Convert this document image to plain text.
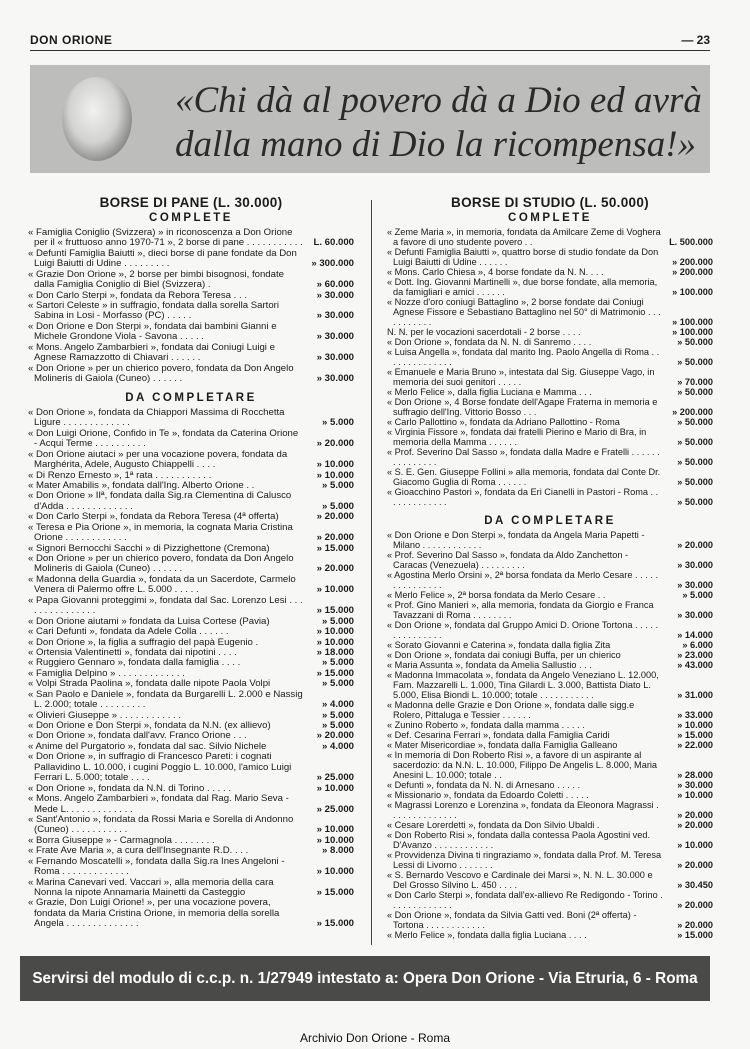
DON ORIONE	— 23
«Chi dà al povero dà a Dio ed avrà
dalla mano di Dio la ricompensa!»
BORSE DI PANE (L. 30.000)
COMPLETE
« Famiglia Coniglio (Svizzera) » in riconoscenza a Don Orione per il « fruttuoso anno 1970-71 », 2 borse di pane . . . . . . . . . . .	L. 60.000
« Defunti Famiglia Baiutti », dieci borse di pane fondate da Don Luigi Baiutti di Udine . . . . . . . . .	» 300.000
« Grazie Don Orione », 2 borse per bimbi bisognosi, fondate dalla Famiglia Coniglio di Biel (Svizzera) .	» 60.000
« Don Carlo Sterpi », fondata da Rebora Teresa . . .	» 30.000
« Sartori Celeste » in suffragio, fondata dalla sorella Sartori Sabina in Losi - Morfasso (PC) . . . . .	» 30.000
« Don Orione e Don Sterpi », fondata dai bambini Gianni e Michele Grondone Viola - Savona . . . . .	» 30.000
« Mons. Angelo Zambarbieri », fondata dai Coniugi Luigi e Agnese Ramazzotto di Chiavari . . . . . .	» 30.000
« Don Orione » per un chierico povero, fondata da Don Angelo Molineris di Gaiola (Cuneo) . . . . . .	» 30.000
DA COMPLETARE
« Don Orione », fondata da Chiappori Massima di Rocchetta Ligure . . . . . . . . . . . . .	» 5.000
« Don Luigi Orione, Confido in Te », fondata da Caterina Orione - Acqui Terme . . . . . . . . . .	» 20.000
« Don Orione aiutaci » per una vocazione povera, fondata da Marghérita, Adele, Augusto Chiappelli . . . .	» 10.000
« Di Renzo Ernesto », 1ª rata . . . . . . . . . . .	» 10.000
« Mater Amabilis », fondata dall'Ing. Alberto Orione . .	» 5.000
« Don Orione » IIª, fondata dalla Sig.ra Clementina di Calusco d'Adda . . . . . . . . . . . . .	» 5.000
« Don Carlo Sterpi », fondata da Rebora Teresa (4ª offerta)	» 20.000
« Teresa e Pia Orione », in memoria, la cognata Maria Cristina Orione . . . . . . . . . . . .	» 20.000
« Signori Bernocchi Sacchi » di Pizzighettone (Cremona)	» 15.000
« Don Orione » per un chierico povero, fondata da Don Angelo Molineris di Gaiola (Cuneo) . . . . . .	» 20.000
« Madonna della Guardia », fondata da un Sacerdote, Carmelo Venera di Palermo offre L. 5.000 . . . . .	» 10.000
« Papa Giovanni proteggimi », fondata dal Sac. Lorenzo Lesi . . . . . . . . . . . . . . .	» 15.000
« Don Orione aiutami » fondata da Luisa Cortese (Pavia)	» 5.000
« Cari Defunti », fondata da Adele Colla . . . . . .	» 10.000
« Don Orione », la figlia a suffragio del papà Eugenio .	» 10.000
« Ortensia Valentinetti », fondata dai nipotini . . . .	» 18.000
« Ruggiero Gennaro », fondata dalla famiglia . . . .	» 5.000
« Famiglia Delpino » . . . . . . . . . . . . .	» 15.000
« Volpi Strada Paolina », fondata dalle nipote Paola Volpi	» 5.000
« San Paolo e Daniele », fondata da Burgarelli L. 2.000 e Nassig L. 2.000; totale . . . . . . . . .	» 4.000
« Olivieri Giuseppe » . . . . . . . . . . . .	» 5.000
« Don Orione e Don Sterpi », fondata da N.N. (ex allievo)	» 5.000
« Don Orione », fondata dall'avv. Franco Orione . . .	» 20.000
« Anime del Purgatorio », fondata dal sac. Silvio Nichele	» 4.000
« Don Orione », in suffragio di Francesco Pareti: i cognati Pallavidino L. 10.000, i cugini Poggio L. 10.000, l'amico Luigi Ferrari L. 5.000; totale . . . .	» 25.000
« Don Orione », fondata da N.N. di Torino . . . . .	» 10.000
« Mons. Angelo Zambarbieri », fondata dal Rag. Mario Seva - Mede L. . . . . . . . . . . . .	» 25.000
« Sant'Antonio », fondata da Rossi Maria e Sorella di Andonno (Cuneo) . . . . . . . . . . .	» 10.000
« Borra Giuseppe » - Carmagnola . . . . . . . .	» 10.000
« Frate Ave Maria », a cura dell'Insegnante R.D. . . .	» 8.000
« Fernando Moscatelli », fondata dalla Sig.ra Ines Angeloni - Roma . . . . . . . . . . . . .	» 10.000
« Marina Canevari ved. Vaccari », alla memoria della cara Nonna la nipote Annamaria Mainetti da Casteggio	» 15.000
« Grazie, Don Luigi Orione! », per una vocazione povera, fondata da Maria Cristina Orione, in memoria della sorella Angela . . . . . . . . . . . . . .	» 15.000
BORSE DI STUDIO (L. 50.000)
COMPLETE
« Zeme Maria », in memoria, fondata da Amilcare Zeme di Voghera a favore di uno studente povero . .	L. 500.000
« Defunti Famiglia Baiutti », quattro borse di studio fondate da Don Luigi Baiutti di Udine . . . . . .	» 200.000
« Mons. Carlo Chiesa », 4 borse fondate da N. N. . . .	» 200.000
« Dott. Ing. Giovanni Martinelli », due borse fondate, alla memoria, da famigliari e amici . . . . . .	» 100.000
« Nozze d'oro coniugi Battaglino », 2 borse fondate dai Coniugi Agnese Fissore e Sebastiano Battaglino nel 50° di Matrimonio . . . . . . . . . . .	» 100.000
N. N. per le vocazioni sacerdotali - 2 borse . . . .	» 100.000
« Don Orione », fondata da N. N. di Sanremo . . . .	» 50.000
« Luisa Angella », fondata dal marito Ing. Paolo Angella di Roma . . . . . . . . . . . . . .	» 50.000
« Emanuele e Maria Bruno », intestata dal Sig. Giuseppe Vago, in memoria dei suoi genitori . . . . .	» 70.000
« Merlo Felice », dalla figlia Luciana e Mamma . . .	» 50.000
« Don Orione », 4 Borse fondate dell'Agape Fraterna in memoria e suffragio dell'Ing. Vittorio Bosso . . .	» 200.000
« Carlo Pallottino », fondata da Adriano Pallottino - Roma	» 50.000
« Virginia Fissore », fondata dai fratelli Pierino e Mario di Bra, in memoria della Mamma . . . . . .	» 50.000
« Prof. Severino Dal Sasso », fondata dalla Madre e Fratelli . . . . . . . . . . . . . . .	» 50.000
« S. E. Gen. Giuseppe Follini » alla memoria, fondata dal Conte Dr. Giacomo Guglia di Roma . . . . . .	» 50.000
« Gioacchino Pastori », fondata da Eri Cianelli in Pastori - Roma . . . . . . . . . . . . .	» 50.000
DA COMPLETARE
« Don Orione e Don Sterpi », fondata da Angela Maria Papetti - Milano . . . . . . . . . . . .	» 20.000
« Prof. Severino Dal Sasso », fondata da Aldo Zanchetton - Caracas (Venezuela) . . . . . . . . .	» 30.000
« Agostina Merlo Orsini », 2ª borsa fondata da Merlo Cesare . . . . . . . . . . . . . . .	» 30.000
« Merlo Felice », 2ª borsa fondata da Merlo Cesare . .	» 5.000
« Prof. Gino Manieri », alla memoria, fondata da Giorgio e Franca Tavazzani di Roma . . . . . . . .	» 30.000
« Don Orione », fondata dal Gruppo Amici D. Orione Tortona . . . . . . . . . . . . . . .	» 14.000
« Sorato Giovanni e Caterina », fondata dalla figlia Zita	» 6.000
« Don Orione », fondata dai coniugi Buffa, per un chierico	» 23.000
« Maria Assunta », fondata da Amelia Sallustio . . .	» 43.000
« Madonna Immacolata », fondata da Angelo Veneziano L. 12.000, Fam. Mazzarelli L. 1.000, Tina Gilardi L. 3.000, Battista Diato L. 5.000, Elisa Biondi L. 10.000; totale . . . . . . . . . . .	» 31.000
« Madonna delle Grazie e Don Orione », fondata dalle sigg.e Rolero, Pittaluga e Tessier . . . . . .	» 33.000
« Zunino Roberto », fondata dalla mamma . . . . .	» 10.000
« Def. Cesarina Ferrari », fondata dalla Famiglia Caridi	» 15.000
« Mater Misericordiae », fondata dalla Famiglia Galleano	» 22.000
« In memoria di Don Roberto Risi », a favore di un aspirante al sacerdozio: da N.N. L. 10.000, Filippo De Angelis L. 8.000, Maria Anesini L. 10.000; totale . .	» 28.000
« Defunti », fondata da N. N. di Arnesano . . . . .	» 30.000
« Missionario », fondata da Edoardo Coletti . . . . .	» 10.000
« Magrassi Lorenzo e Lorenzina », fondata da Eleonora Magrassi . . . . . . . . . . . . . .	» 20.000
« Cesare Lorerdetti », fondata da Don Silvio Ubaldi .	» 20.000
« Don Roberto Risi », fondata dalla contessa Paola Agostini ved. D'Avanzo . . . . . . . . . . . .	» 10.000
« Provvidenza Divina ti ringraziamo », fondata dalla Prof. M. Teresa Lessi di Livorno . . . . . . .	» 20.000
« S. Bernardo Vescovo e Cardinale dei Marsi », N. N. L. 30.000 e Del Grosso Silvino L. 450 . . . .	» 30.450
« Don Carlo Sterpi », fondata dall'ex-allievo Re Redigondo - Torino . . . . . . . . . . . . .	» 20.000
« Don Orione », fondata da Silvia Gatti ved. Boni (2ª offerta) - Tortona . . . . . . . . . . . .	» 20.000
« Merlo Felice », fondata dalla figlia Luciana . . . .	» 15.000
Servirsi del modulo di c.c.p. n. 1/27949 intestato a: Opera Don Orione - Via Etruria, 6 - Roma
Archivio Don Orione - Roma
